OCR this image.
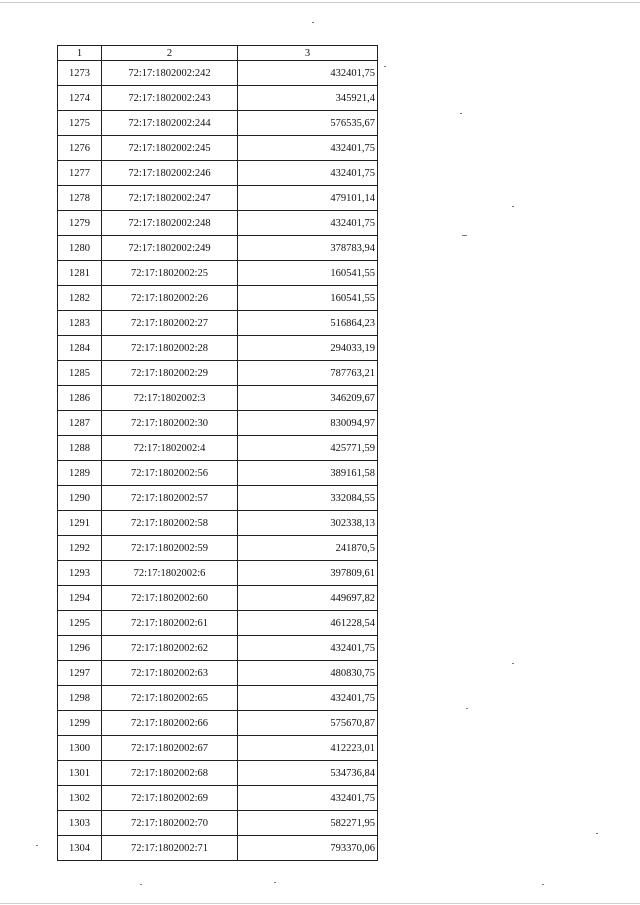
1	2	3
1273	72:17:1802002:242	432401,75
1274	72:17:1802002:243	345921,4
1275	72:17:1802002:244	576535,67
1276	72:17:1802002:245	432401,75
1277	72:17:1802002:246	432401,75
1278	72:17:1802002:247	479101,14
1279	72:17:1802002:248	432401,75
1280	72:17:1802002:249	378783,94
1281	72:17:1802002:25	160541,55
1282	72:17:1802002:26	160541,55
1283	72:17:1802002:27	516864,23
1284	72:17:1802002:28	294033,19
1285	72:17:1802002:29	787763,21
1286	72:17:1802002:3	346209,67
1287	72:17:1802002:30	830094,97
1288	72:17:1802002:4	425771,59
1289	72:17:1802002:56	389161,58
1290	72:17:1802002:57	332084,55
1291	72:17:1802002:58	302338,13
1292	72:17:1802002:59	241870,5
1293	72:17:1802002:6	397809,61
1294	72:17:1802002:60	449697,82
1295	72:17:1802002:61	461228,54
1296	72:17:1802002:62	432401,75
1297	72:17:1802002:63	480830,75
1298	72:17:1802002:65	432401,75
1299	72:17:1802002:66	575670,87
1300	72:17:1802002:67	412223,01
1301	72:17:1802002:68	534736,84
1302	72:17:1802002:69	432401,75
1303	72:17:1802002:70	582271,95
1304	72:17:1802002:71	793370,06
